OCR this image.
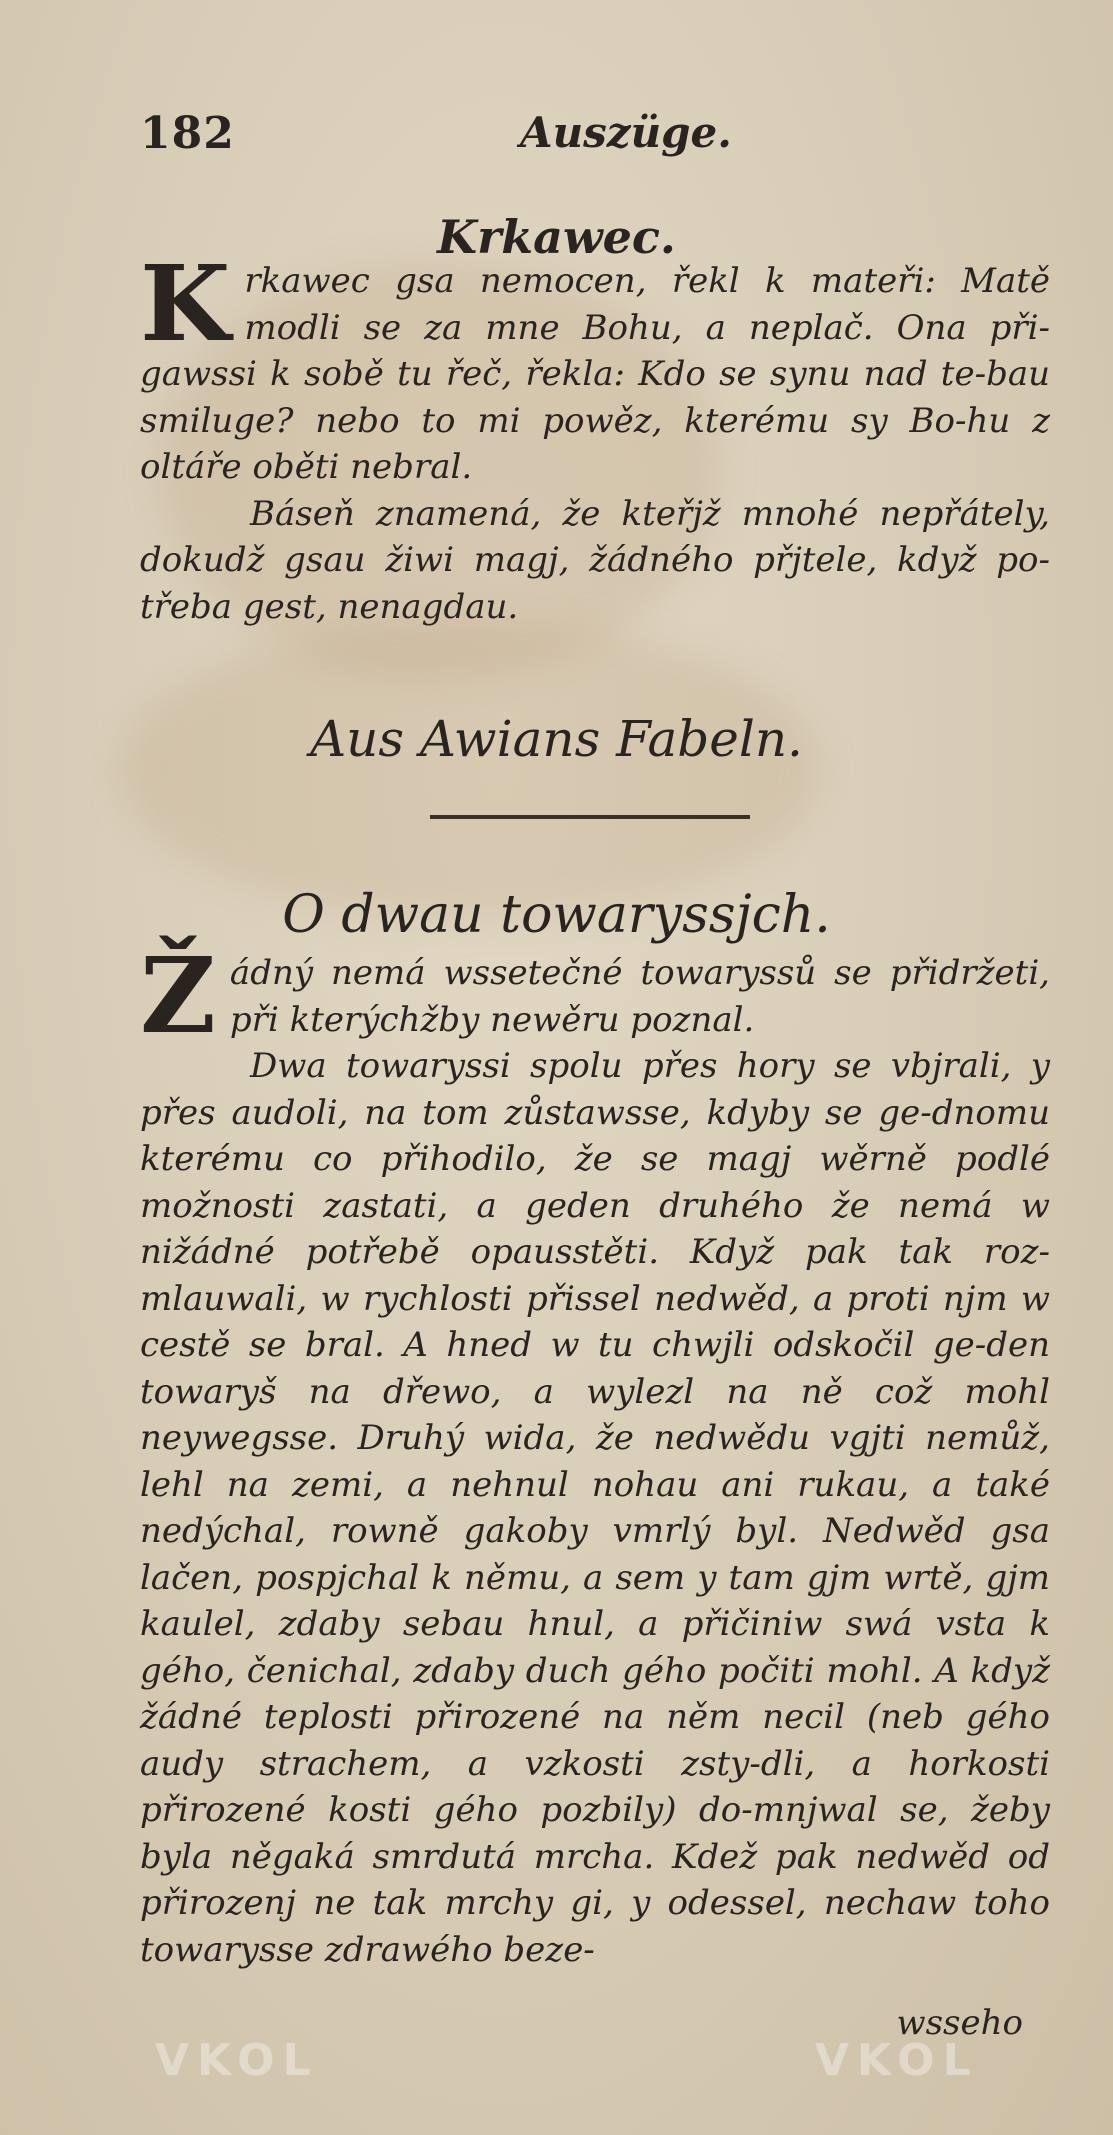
182	Auszüge.
Krkawec.

Krkawec gsa nemocen, řekl k mateři: Matě modli se za mne Bohu, a neplač. Ona při-gawssi k sobě tu řeč, řekla: Kdo se synu nad te-bau smiluge? nebo to mi powěz, kterému sy Bo-hu z oltáře oběti nebral.

Báseň znamená, že kteřjž mnohé nepřátely, dokudž gsau žiwi magj, žádného přjtele, když po-třeba gest, nenagdau.

Aus Awians Fabeln.
O dwau towaryssjch.

Žádný nemá wssetečné towaryssů se přidržeti, při kterýchžby newěru poznal.

Dwa towaryssi spolu přes hory se vbjrali, y přes audoli, na tom zůstawsse, kdyby se ge-dnomu kterému co přihodilo, že se magj wěrně podlé možnosti zastati, a geden druhého že nemá w nižádné potřebě opausstěti. Když pak tak roz-mlauwali, w rychlosti přissel nedwěd, a proti njm w cestě se bral. A hned w tu chwjli odskočil ge-den towaryš na dřewo, a wylezl na ně což mohl neywegsse. Druhý wida, že nedwědu vgjti nemůž, lehl na zemi, a nehnul nohau ani rukau, a také nedýchal, rowně gakoby vmrlý byl. Nedwěd gsa lačen, pospjchal k němu, a sem y tam gjm wrtě, gjm kaulel, zdaby sebau hnul, a přičiniw swá vsta k gého, čenichal, zdaby duch gého počiti mohl. A když žádné teplosti přirozené na něm necil (neb gého audy strachem, a vzkosti zsty-dli, a horkosti přirozené kosti gého pozbily) do-mnjwal se, žeby byla něgaká smrdutá mrcha. Kdež pak nedwěd od přirozenj ne tak mrchy gi, y odessel, nechaw toho towarysse zdrawého beze-

wsseho
VKOL	VKOL
